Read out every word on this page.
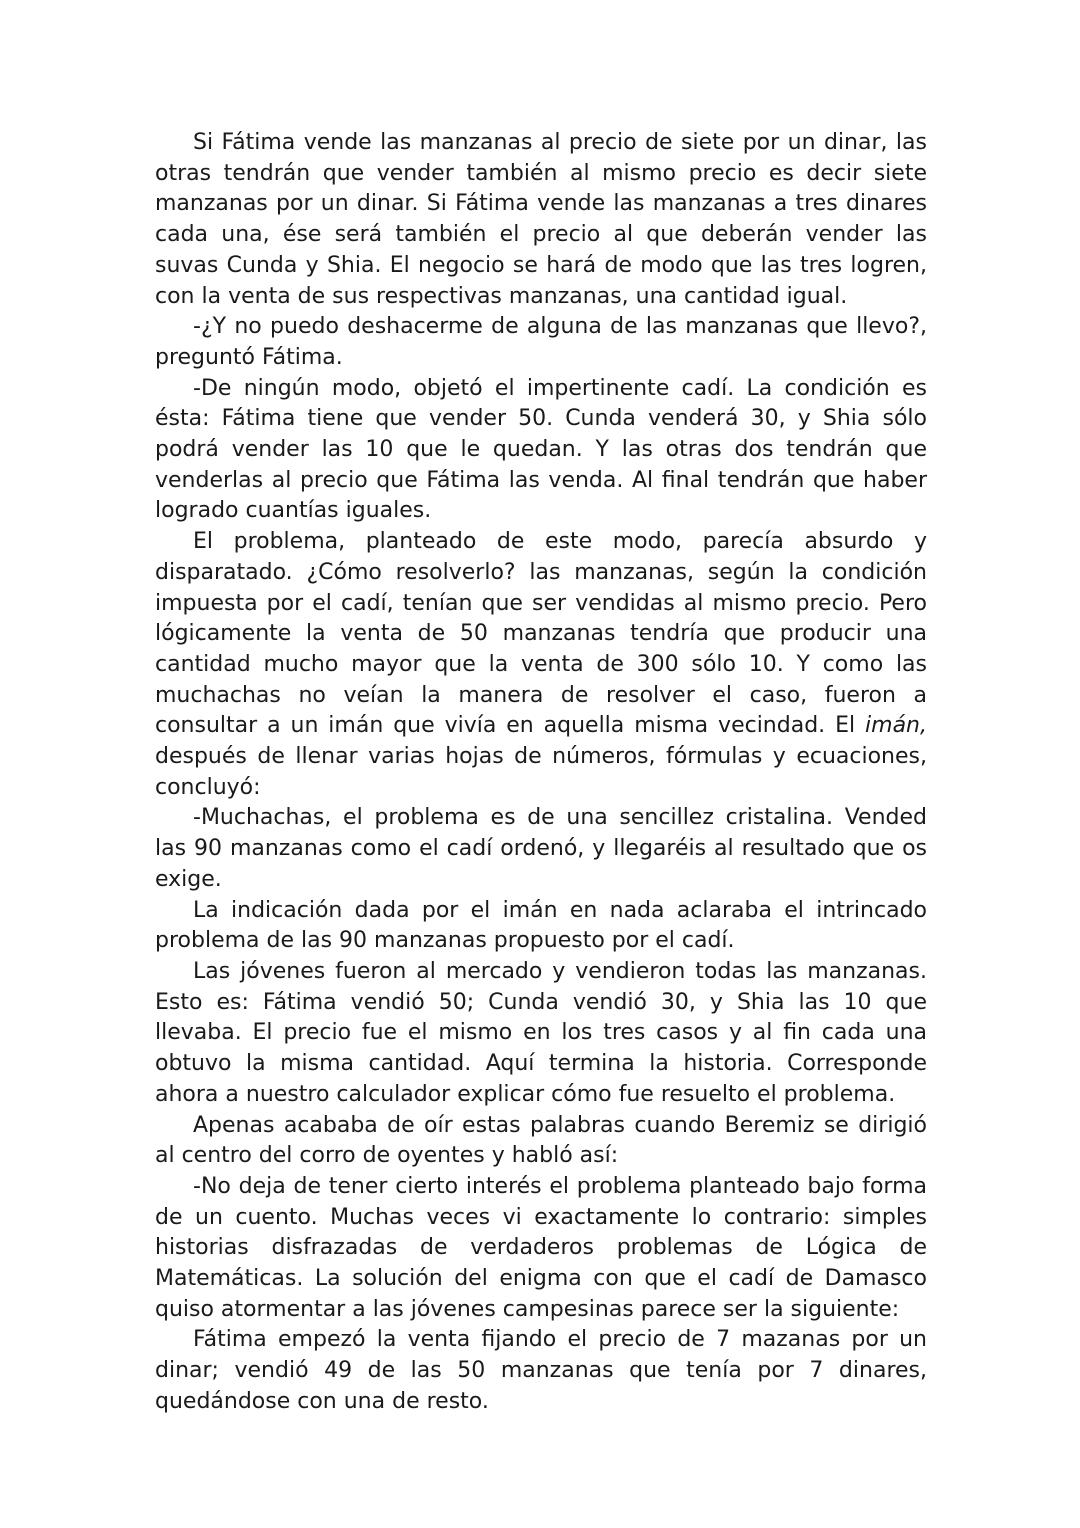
Si Fátima vende las manzanas al precio de siete por un dinar, las otras tendrán que vender también al mismo precio es decir siete manzanas por un dinar. Si Fátima vende las manzanas a tres dinares cada una, ése será también el precio al que deberán vender las suvas Cunda y Shia. El negocio se hará de modo que las tres logren, con la venta de sus respectivas manzanas, una cantidad igual.

-¿Y no puedo deshacerme de alguna de las manzanas que llevo?, preguntó Fátima.

-De ningún modo, objetó el impertinente cadí. La condición es ésta: Fátima tiene que vender 50. Cunda venderá 30, y Shia sólo podrá vender las 10 que le quedan. Y las otras dos tendrán que venderlas al precio que Fátima las venda. Al final tendrán que haber logrado cuantías iguales.

El problema, planteado de este modo, parecía absurdo y disparatado. ¿Cómo resolverlo? las manzanas, según la condición impuesta por el cadí, tenían que ser vendidas al mismo precio. Pero lógicamente la venta de 50 manzanas tendría que producir una cantidad mucho mayor que la venta de 300 sólo 10. Y como las muchachas no veían la manera de resolver el caso, fueron a consultar a un imán que vivía en aquella misma vecindad. El imán, después de llenar varias hojas de números, fórmulas y ecuaciones, concluyó:

-Muchachas, el problema es de una sencillez cristalina. Vended las 90 manzanas como el cadí ordenó, y llegaréis al resultado que os exige.

La indicación dada por el imán en nada aclaraba el intrincado problema de las 90 manzanas propuesto por el cadí.

Las jóvenes fueron al mercado y vendieron todas las manzanas. Esto es: Fátima vendió 50; Cunda vendió 30, y Shia las 10 que llevaba. El precio fue el mismo en los tres casos y al fin cada una obtuvo la misma cantidad. Aquí termina la historia. Corresponde ahora a nuestro calculador explicar cómo fue resuelto el problema.

Apenas acababa de oír estas palabras cuando Beremiz se dirigió al centro del corro de oyentes y habló así:

-No deja de tener cierto interés el problema planteado bajo forma de un cuento. Muchas veces vi exactamente lo contrario: simples historias disfrazadas de verdaderos problemas de Lógica de Matemáticas. La solución del enigma con que el cadí de Damasco quiso atormentar a las jóvenes campesinas parece ser la siguiente:

Fátima empezó la venta fijando el precio de 7 mazanas por un dinar; vendió 49 de las 50 manzanas que tenía por 7 dinares, quedándose con una de resto.
